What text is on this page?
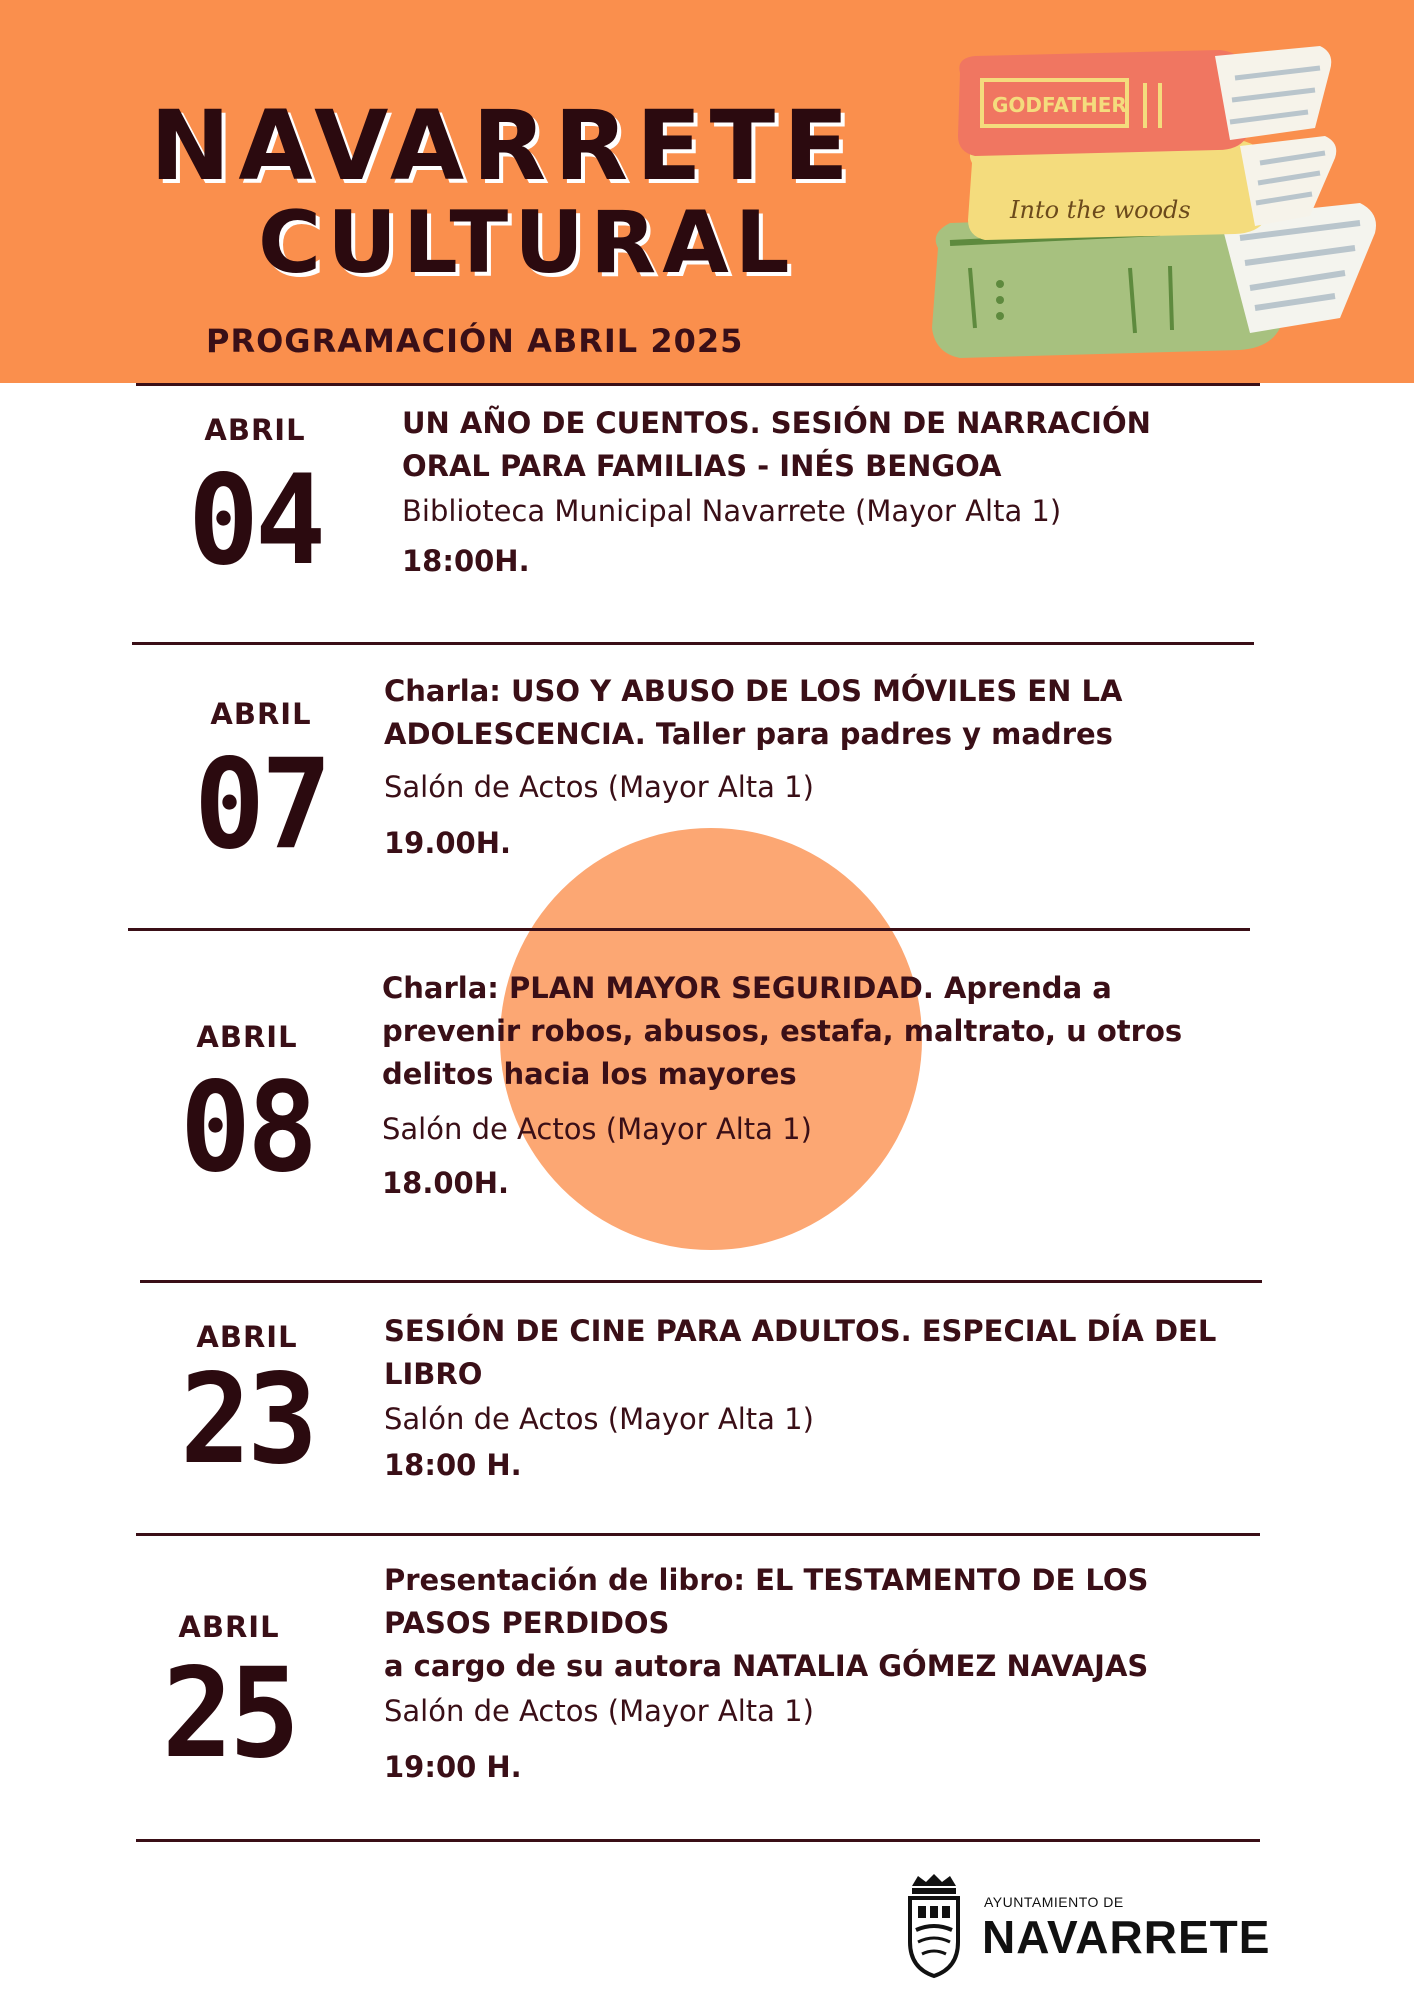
NAVARRETE
CULTURAL
PROGRAMACIÓN ABRIL 2025
Into the woods
GODFATHER
ABRIL
04
UN AÑO DE CUENTOS. SESIÓN DE NARRACIÓN
ORAL PARA FAMILIAS - INÉS BENGOA
Biblioteca Municipal Navarrete (Mayor Alta 1)
18:00H.
ABRIL
07
Charla: USO Y ABUSO DE LOS MÓVILES EN LA
ADOLESCENCIA. Taller para padres y madres
Salón de Actos (Mayor Alta 1)
19.00H.
ABRIL
08
Charla: PLAN MAYOR SEGURIDAD. Aprenda a
prevenir robos, abusos, estafa, maltrato, u otros
delitos hacia los mayores
Salón de Actos (Mayor Alta 1)
18.00H.
ABRIL
23
SESIÓN DE CINE PARA ADULTOS. ESPECIAL DÍA DEL
LIBRO
Salón de Actos (Mayor Alta 1)
18:00 H.
ABRIL
25
Presentación de libro: EL TESTAMENTO DE LOS
PASOS PERDIDOS
a cargo de su autora NATALIA GÓMEZ NAVAJAS
Salón de Actos (Mayor Alta 1)
19:00 H.
AYUNTAMIENTO DE
NAVARRETE
